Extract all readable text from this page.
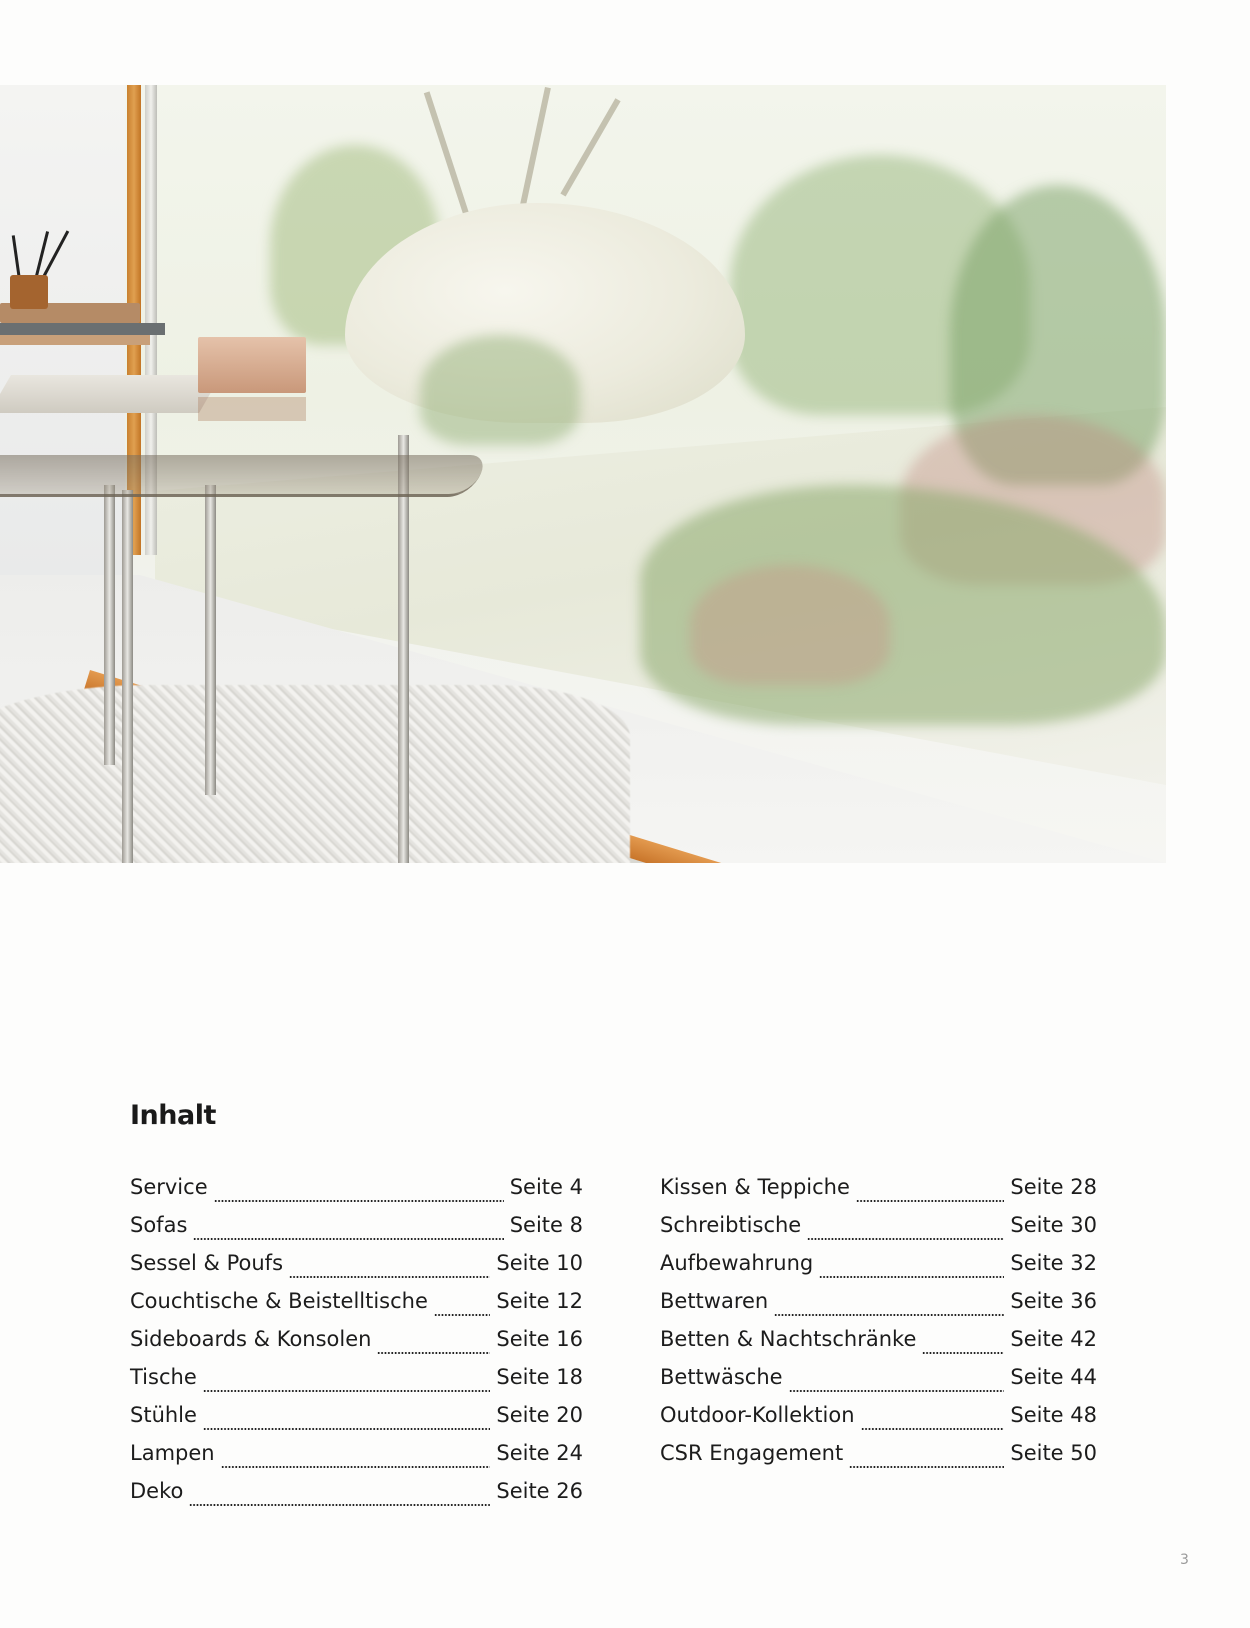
Inhalt
Service	Seite 4
Sofas	Seite 8
Sessel & Poufs	Seite 10
Couchtische & Beistelltische	Seite 12
Sideboards & Konsolen	Seite 16
Tische	Seite 18
Stühle	Seite 20
Lampen	Seite 24
Deko	Seite 26
Kissen & Teppiche	Seite 28
Schreibtische	Seite 30
Aufbewahrung	Seite 32
Bettwaren	Seite 36
Betten & Nachtschränke	Seite 42
Bettwäsche	Seite 44
Outdoor-Kollektion	Seite 48
CSR Engagement	Seite 50
3
